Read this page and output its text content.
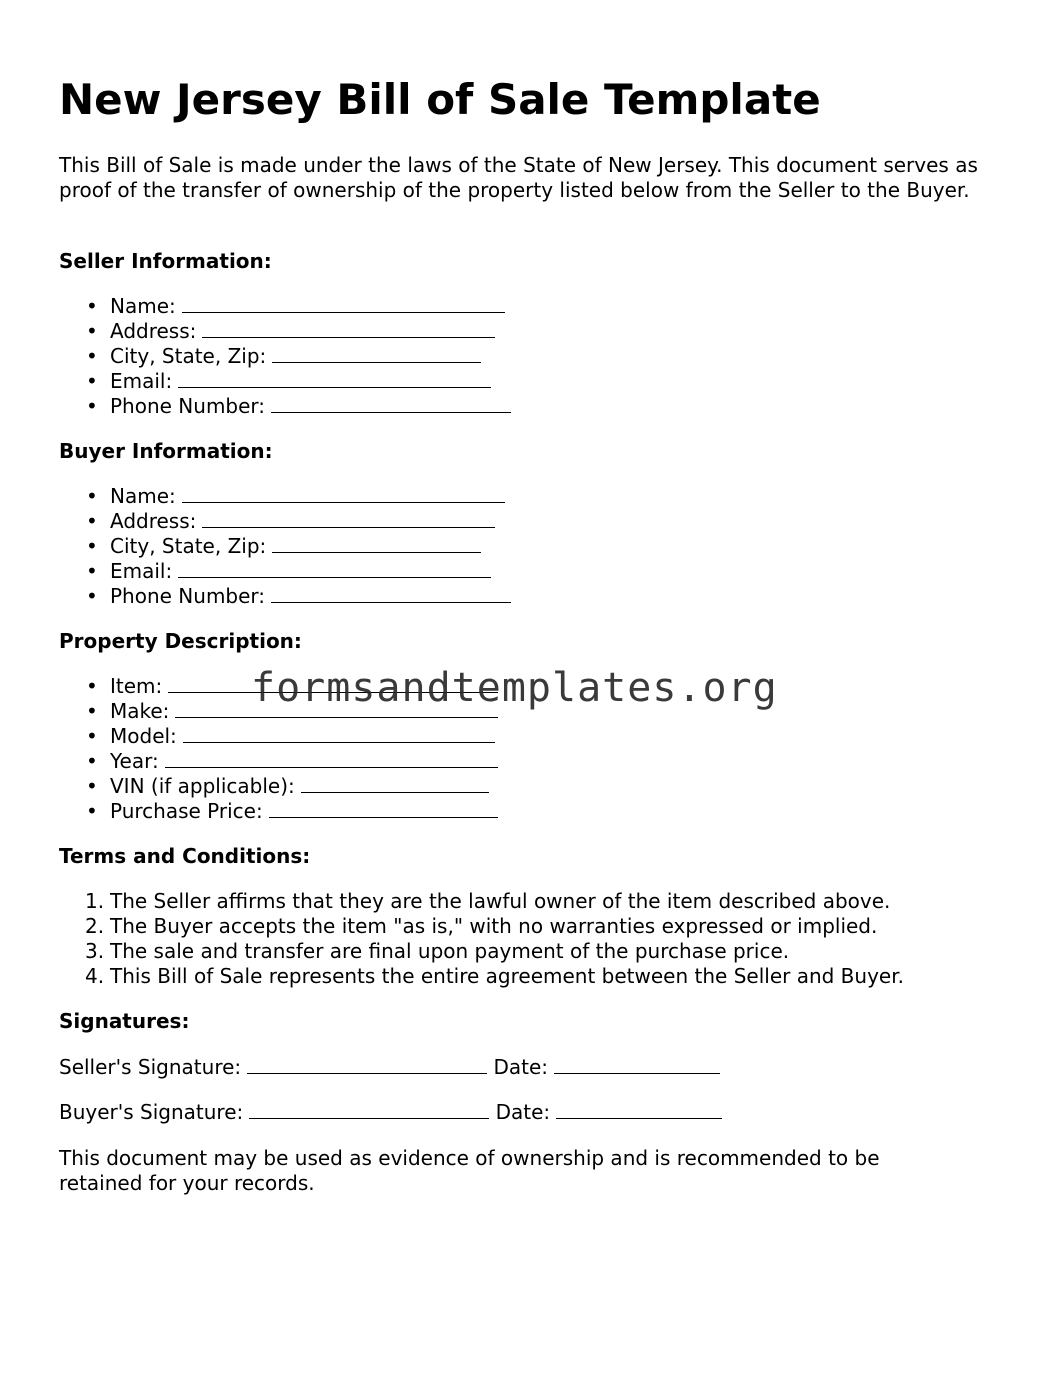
New Jersey Bill of Sale Template

This Bill of Sale is made under the laws of the State of New Jersey. This document serves as proof of the transfer of ownership of the property listed below from the Seller to the Buyer.

Seller Information:
• Name:
• Address:
• City, State, Zip:
• Email:
• Phone Number:
Buyer Information:
• Name:
• Address:
• City, State, Zip:
• Email:
• Phone Number:
Property Description:
• Item:
• Make:
• Model:
• Year:
• VIN (if applicable):
• Purchase Price:
Terms and Conditions:
1. The Seller affirms that they are the lawful owner of the item described above.
2. The Buyer accepts the item "as is," with no warranties expressed or implied.
3. The sale and transfer are final upon payment of the purchase price.
4. This Bill of Sale represents the entire agreement between the Seller and Buyer.
Signatures:
Seller's Signature:	Date:
Buyer's Signature:	Date:

This document may be used as evidence of ownership and is recommended to be retained for your records.

formsandtemplates.org
